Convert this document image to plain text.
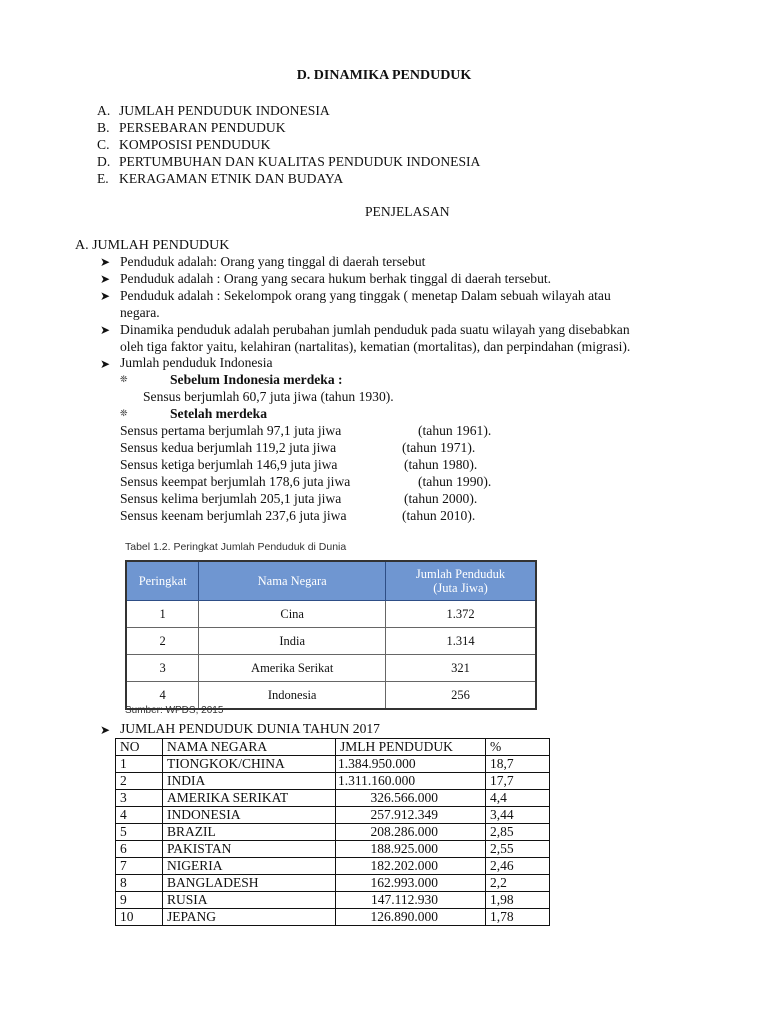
D. DINAMIKA PENDUDUK
A. JUMLAH PENDUDUK INDONESIA
B. PERSEBARAN PENDUDUK
C. KOMPOSISI PENDUDUK
D. PERTUMBUHAN DAN KUALITAS PENDUDUK INDONESIA
E. KERAGAMAN ETNIK DAN BUDAYA
PENJELASAN
A. JUMLAH PENDUDUK
➤ Penduduk adalah: Orang yang tinggal di daerah tersebut
➤ Penduduk adalah : Orang yang secara hukum berhak tinggal di daerah tersebut.
➤ Penduduk adalah : Sekelompok orang yang tinggak ( menetap Dalam sebuah wilayah atau
negara.
➤ Dinamika penduduk adalah perubahan jumlah penduduk pada suatu wilayah yang disebabkan
oleh tiga faktor yaitu, kelahiran (nartalitas), kematian (mortalitas), dan perpindahan (migrasi).
➤ Jumlah penduduk Indonesia
❊	Sebelum Indonesia merdeka :
Sensus berjumlah 60,7 juta jiwa (tahun 1930).
❊	Setelah merdeka
Sensus pertama berjumlah 97,1 juta jiwa	(tahun 1961).
Sensus kedua berjumlah 119,2 juta jiwa	(tahun 1971).
Sensus ketiga berjumlah 146,9 juta jiwa	(tahun 1980).
Sensus keempat berjumlah 178,6 juta jiwa	(tahun 1990).
Sensus kelima berjumlah 205,1 juta jiwa	(tahun 2000).
Sensus keenam berjumlah 237,6 juta jiwa	(tahun 2010).
Tabel 1.2. Peringkat Jumlah Penduduk di Dunia
Peringkat	Nama Negara	Jumlah Penduduk
(Juta Jiwa)
1	Cina	1.372
2	India	1.314
3	Amerika Serikat	321
4	Indonesia	256
Sumber: WPDS, 2015
➤ JUMLAH PENDUDUK DUNIA TAHUN 2017
NO	NAMA NEGARA	JMLH PENDUDUK	%
1	TIONGKOK/CHINA	1.384.950.000	18,7
2	INDIA	1.311.160.000	17,7
3	AMERIKA SERIKAT	326.566.000	4,4
4	INDONESIA	257.912.349	3,44
5	BRAZIL	208.286.000	2,85
6	PAKISTAN	188.925.000	2,55
7	NIGERIA	182.202.000	2,46
8	BANGLADESH	162.993.000	2,2
9	RUSIA	147.112.930	1,98
10	JEPANG	126.890.000	1,78
